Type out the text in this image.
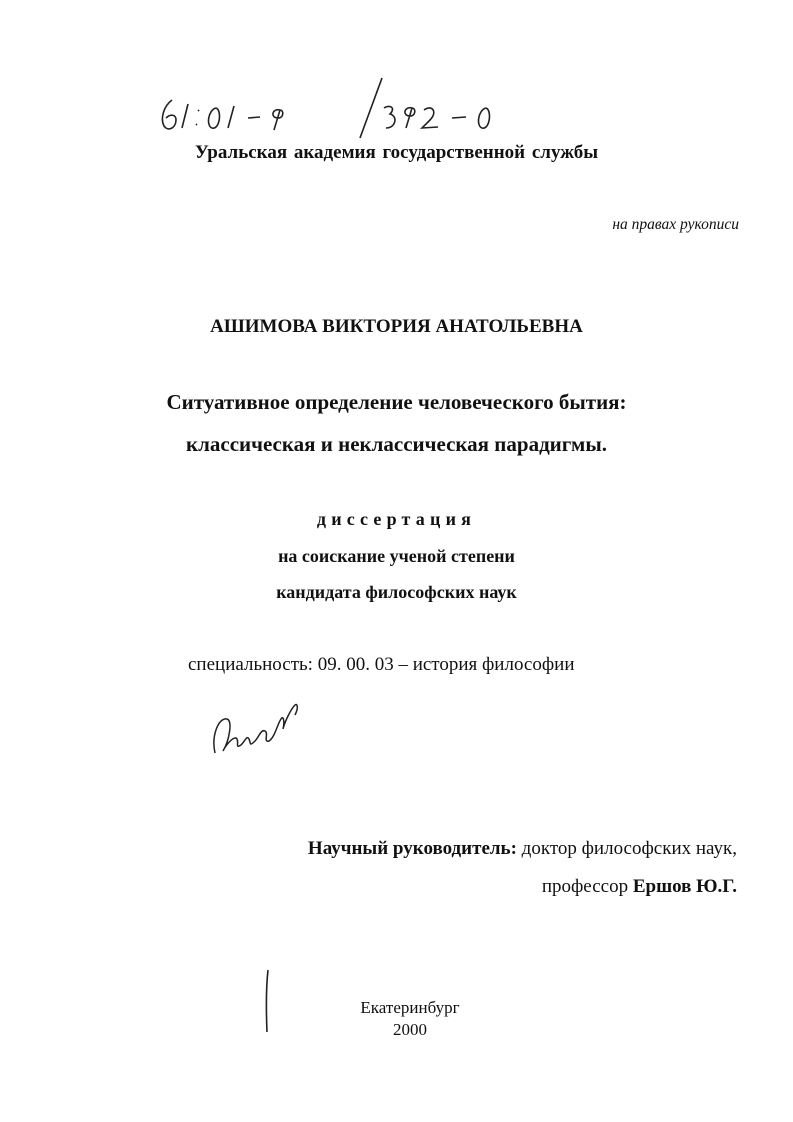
Уральская академия государственной службы
на правах рукописи
АШИМОВА ВИКТОРИЯ АНАТОЛЬЕВНА
Ситуативное определение человеческого бытия:
классическая и неклассическая парадигмы.
диссертация
на соискание ученой степени
кандидата философских наук
специальность: 09. 00. 03 – история философии
Научный руководитель: доктор философских наук,
профессор Ершов Ю.Г.
Екатеринбург
2000
